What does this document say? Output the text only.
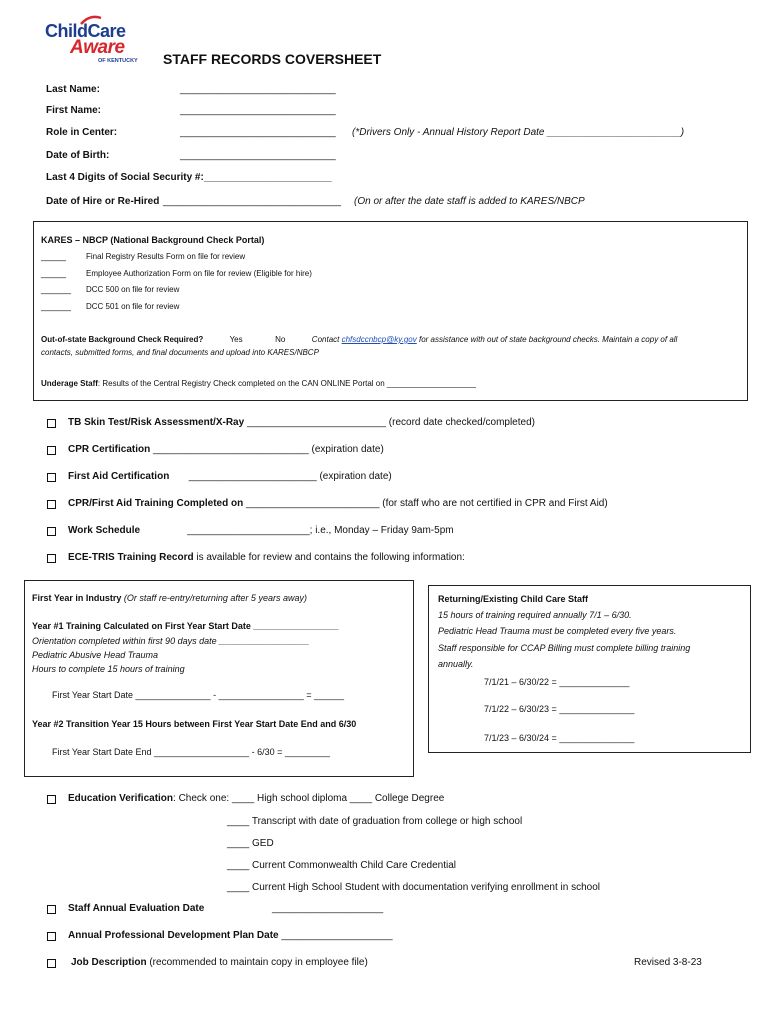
ChildCare
Aware
OF KENTUCKY STAFF RECORDS COVERSHEET
Last Name:	____________________________
First Name:	____________________________
Role in Center:	____________________________ (*Drivers Only - Annual History Report Date ________________________)
Date of Birth:	____________________________
Last 4 Digits of Social Security #:_______________________
Date of Hire or Re-Hired ________________________________ (On or after the date staff is added to KARES/NBCP
KARES – NBCP (National Background Check Portal)
_____ Final Registry Results Form on file for review
_____ Employee Authorization Form on file for review (Eligible for hire)
______ DCC 500 on file for review
______ DCC 501 on file for review
Out-of-state Background Check Required?	Yes	No	Contact chfsdccnbcp@ky.gov for assistance with out of state background checks. Maintain a copy of all
contacts, submitted forms, and final documents and upload into KARES/NBCP
Underage Staff: Results of the Central Registry Check completed on the CAN ONLINE Portal on ____________________
TB Skin Test/Risk Assessment/X-Ray _________________________ (record date checked/completed)
CPR Certification ____________________________ (expiration date)
First Aid Certification       _______________________ (expiration date)
CPR/First Aid Training Completed on ________________________ (for staff who are not certified in CPR and First Aid)
Work Schedule                 ______________________; i.e., Monday – Friday 9am-5pm
ECE-TRIS Training Record is available for review and contains the following information:
First Year in Industry (Or staff re-entry/returning after 5 years away)
Year #1 Training Calculated on First Year Start Date _________________
Orientation completed within first 90 days date __________________
Pediatric Abusive Head Trauma
Hours to complete 15 hours of training
First Year Start Date _______________ - _________________ = ______
Year #2 Transition Year 15 Hours between First Year Start Date End and 6/30
First Year Start Date End ___________________ - 6/30 = _________
Returning/Existing Child Care Staff
15 hours of training required annually 7/1 – 6/30.
Pediatric Head Trauma must be completed every five years.
Staff responsible for CCAP Billing must complete billing training
annually.
7/1/21 – 6/30/22 = ______________
7/1/22 – 6/30/23 = _______________
7/1/23 – 6/30/24 = _______________
Education Verification: Check one: ____ High school diploma ____ College Degree
____ Transcript with date of graduation from college or high school
____ GED
____ Current Commonwealth Child Care Credential
____ Current High School Student with documentation verifying enrollment in school
Staff Annual Evaluation Date	____________________
Annual Professional Development Plan Date ____________________
Job Description (recommended to maintain copy in employee file)	Revised 3-8-23
